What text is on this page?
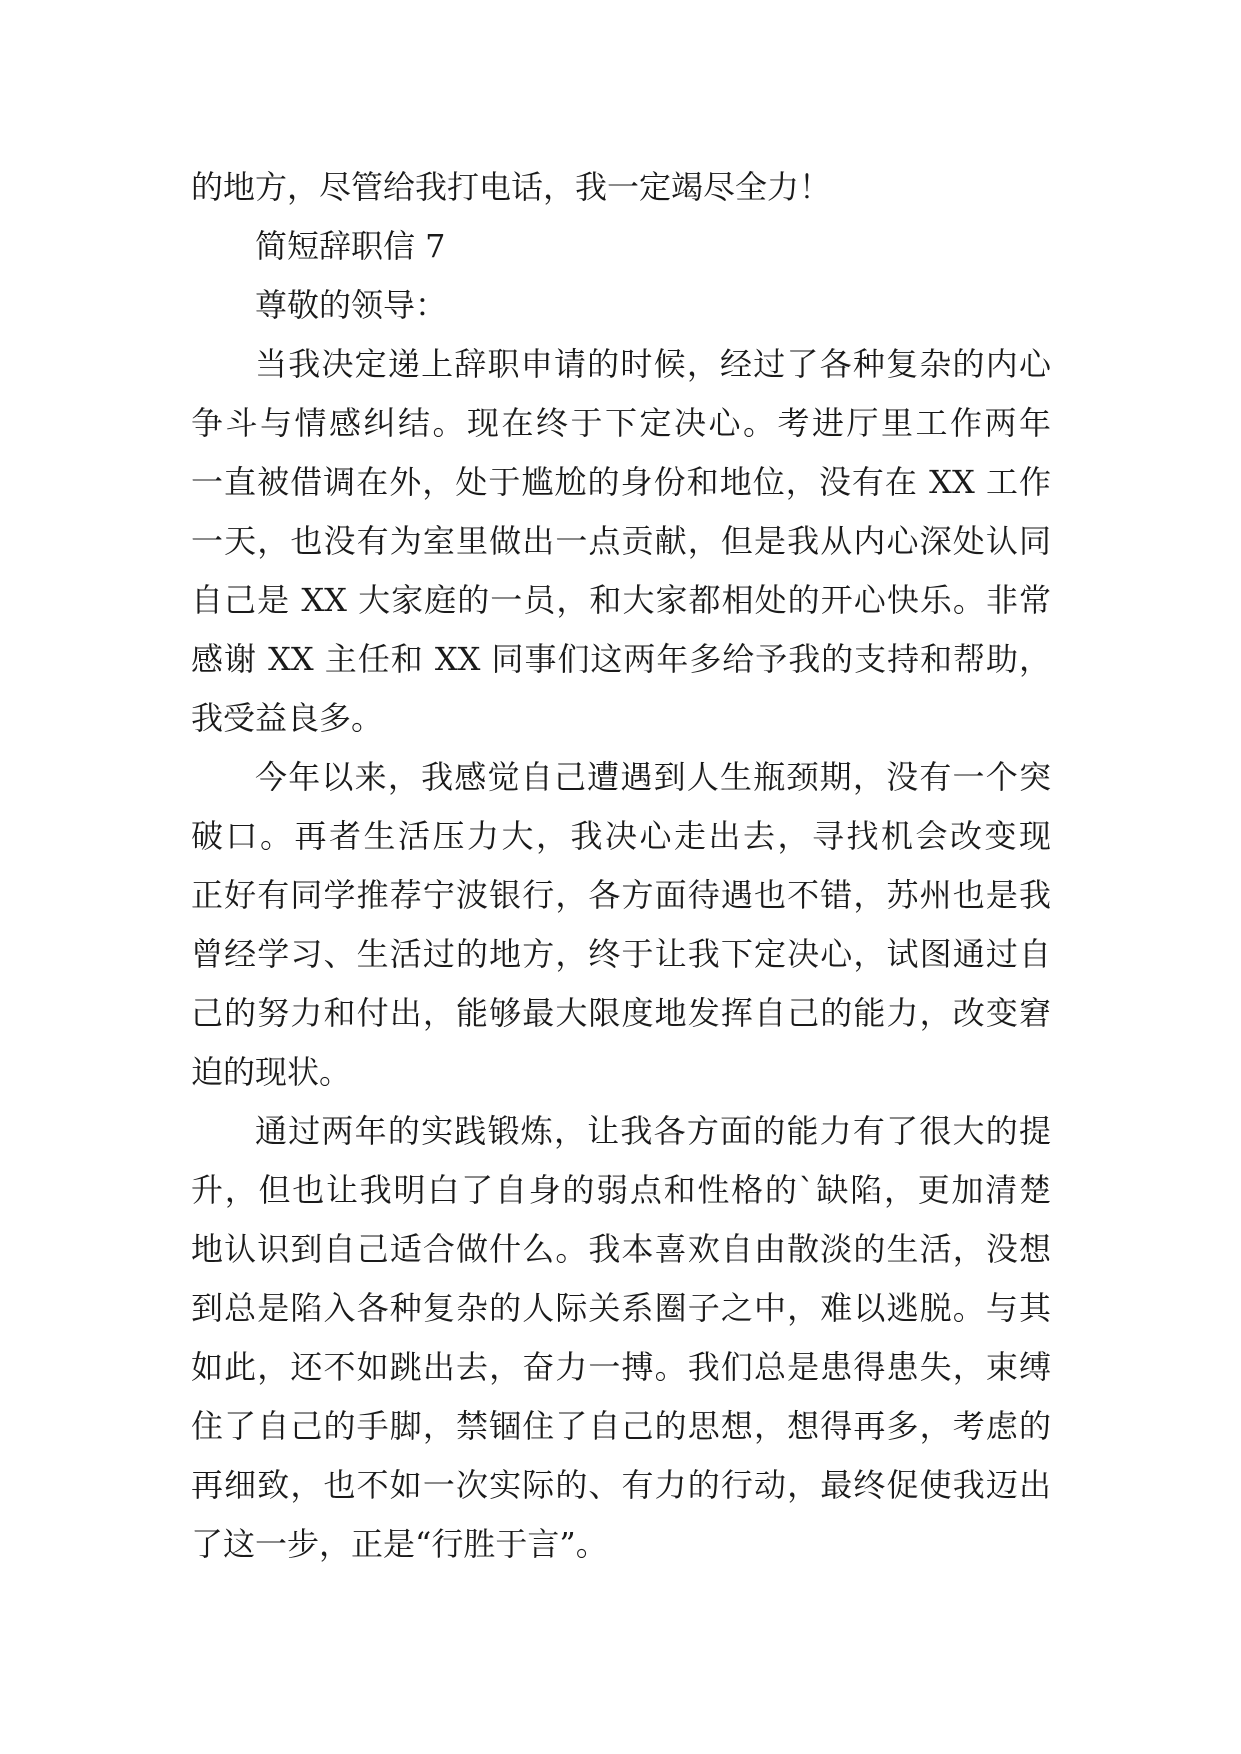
的地方，尽管给我打电话，我一定竭尽全力！
简短辞职信 7
尊敬的领导：
当我决定递上辞职申请的时候，经过了各种复杂的内心
争斗与情感纠结。现在终于下定决心。考进厅里工作两年
一直被借调在外，处于尴尬的身份和地位，没有在 XX 工作
一天，也没有为室里做出一点贡献，但是我从内心深处认同
自己是 XX 大家庭的一员，和大家都相处的开心快乐。非常
感谢 XX 主任和 XX 同事们这两年多给予我的支持和帮助，
我受益良多。
今年以来，我感觉自己遭遇到人生瓶颈期，没有一个突
破口。再者生活压力大，我决心走出去，寻找机会改变现
正好有同学推荐宁波银行，各方面待遇也不错，苏州也是我
曾经学习、生活过的地方，终于让我下定决心，试图通过自
己的努力和付出，能够最大限度地发挥自己的能力，改变窘
迫的现状。
通过两年的实践锻炼，让我各方面的能力有了很大的提
升，但也让我明白了自身的弱点和性格的`缺陷，更加清楚
地认识到自己适合做什么。我本喜欢自由散淡的生活，没想
到总是陷入各种复杂的人际关系圈子之中，难以逃脱。与其
如此，还不如跳出去，奋力一搏。我们总是患得患失，束缚
住了自己的手脚，禁锢住了自己的思想，想得再多，考虑的
再细致，也不如一次实际的、有力的行动，最终促使我迈出
了这一步，正是“行胜于言”。
